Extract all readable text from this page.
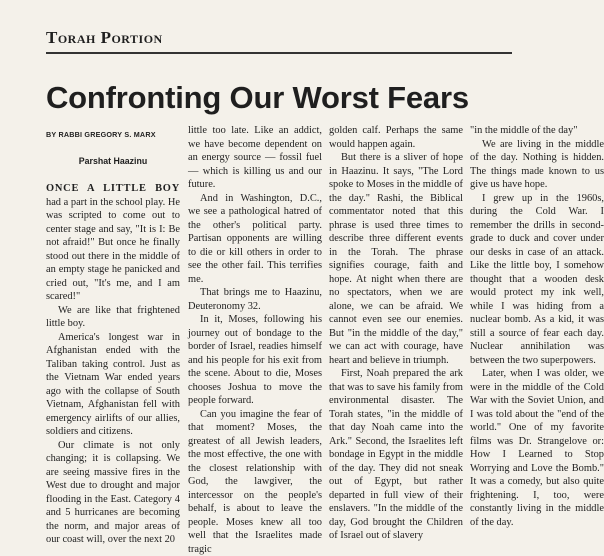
Torah Portion
Confronting Our Worst Fears
BY RABBI GREGORY S. MARX
Parshat Haazinu

ONCE A LITTLE BOY had a part in the school play. He was scripted to come out to center stage and say, "It is I: Be not afraid!" But once he finally stood out there in the middle of an empty stage he panicked and cried out, "It's me, and I am scared!"

We are like that frightened little boy.

America's longest war in Afghanistan ended with the Taliban taking control. Just as the Vietnam War ended years ago with the collapse of South Vietnam, Afghanistan fell with emergency airlifts of our allies, soldiers and citizens.

Our climate is not only changing; it is collapsing. We are seeing massive fires in the West due to drought and major flooding in the East. Category 4 and 5 hurricanes are becoming the norm, and major areas of our coast will, over the next 20

little too late. Like an addict, we have become dependent on an energy source — fossil fuel — which is killing us and our future.

And in Washington, D.C., we see a pathological hatred of the other's political party. Partisan opponents are willing to die or kill others in order to see the other fail. This terrifies me.

That brings me to Haazinu, Deuteronomy 32.

In it, Moses, following his journey out of bondage to the border of Israel, readies himself and his people for his exit from the scene. About to die, Moses chooses Joshua to move the people forward.

Can you imagine the fear of that moment? Moses, the greatest of all Jewish leaders, the most effective, the one with the closest relationship with God, the lawgiver, the intercessor on the people's behalf, is about to leave the people. Moses knew all too well that the Israelites made tragic

golden calf. Perhaps the same would happen again.

But there is a sliver of hope in Haazinu. It says, "The Lord spoke to Moses in the middle of the day." Rashi, the Biblical commentator noted that this phrase is used three times to describe three different events in the Torah. The phrase signifies courage, faith and hope. At night when there are no spectators, when we are alone, we can be afraid. We cannot even see our enemies. But "in the middle of the day," we can act with courage, have heart and believe in triumph.

First, Noah prepared the ark that was to save his family from environmental disaster. The Torah states, "in the middle of that day Noah came into the Ark." Second, the Israelites left bondage in Egypt in the middle of the day. They did not sneak out of Egypt, but rather departed in full view of their enslavers. "In the middle of the day, God brought the Children of Israel out of slavery

"in the middle of the day"

We are living in the middle of the day. Nothing is hidden. The things made known to us give us have hope.

I grew up in the 1960s, during the Cold War. I remember the drills in second-grade to duck and cover under our desks in case of an attack. Like the little boy, I somehow thought that a wooden desk would protect my ink well, while I was hiding from a nuclear bomb. As a kid, it was still a source of fear each day. Nuclear annihilation was between the two superpowers.

Later, when I was older, we were in the middle of the Cold War with the Soviet Union, and I was told about the "end of the world." One of my favorite films was Dr. Strangelove or: How I Learned to Stop Worrying and Love the Bomb." It was a comedy, but also quite frightening. I, too, were constantly living in the middle of the day.
